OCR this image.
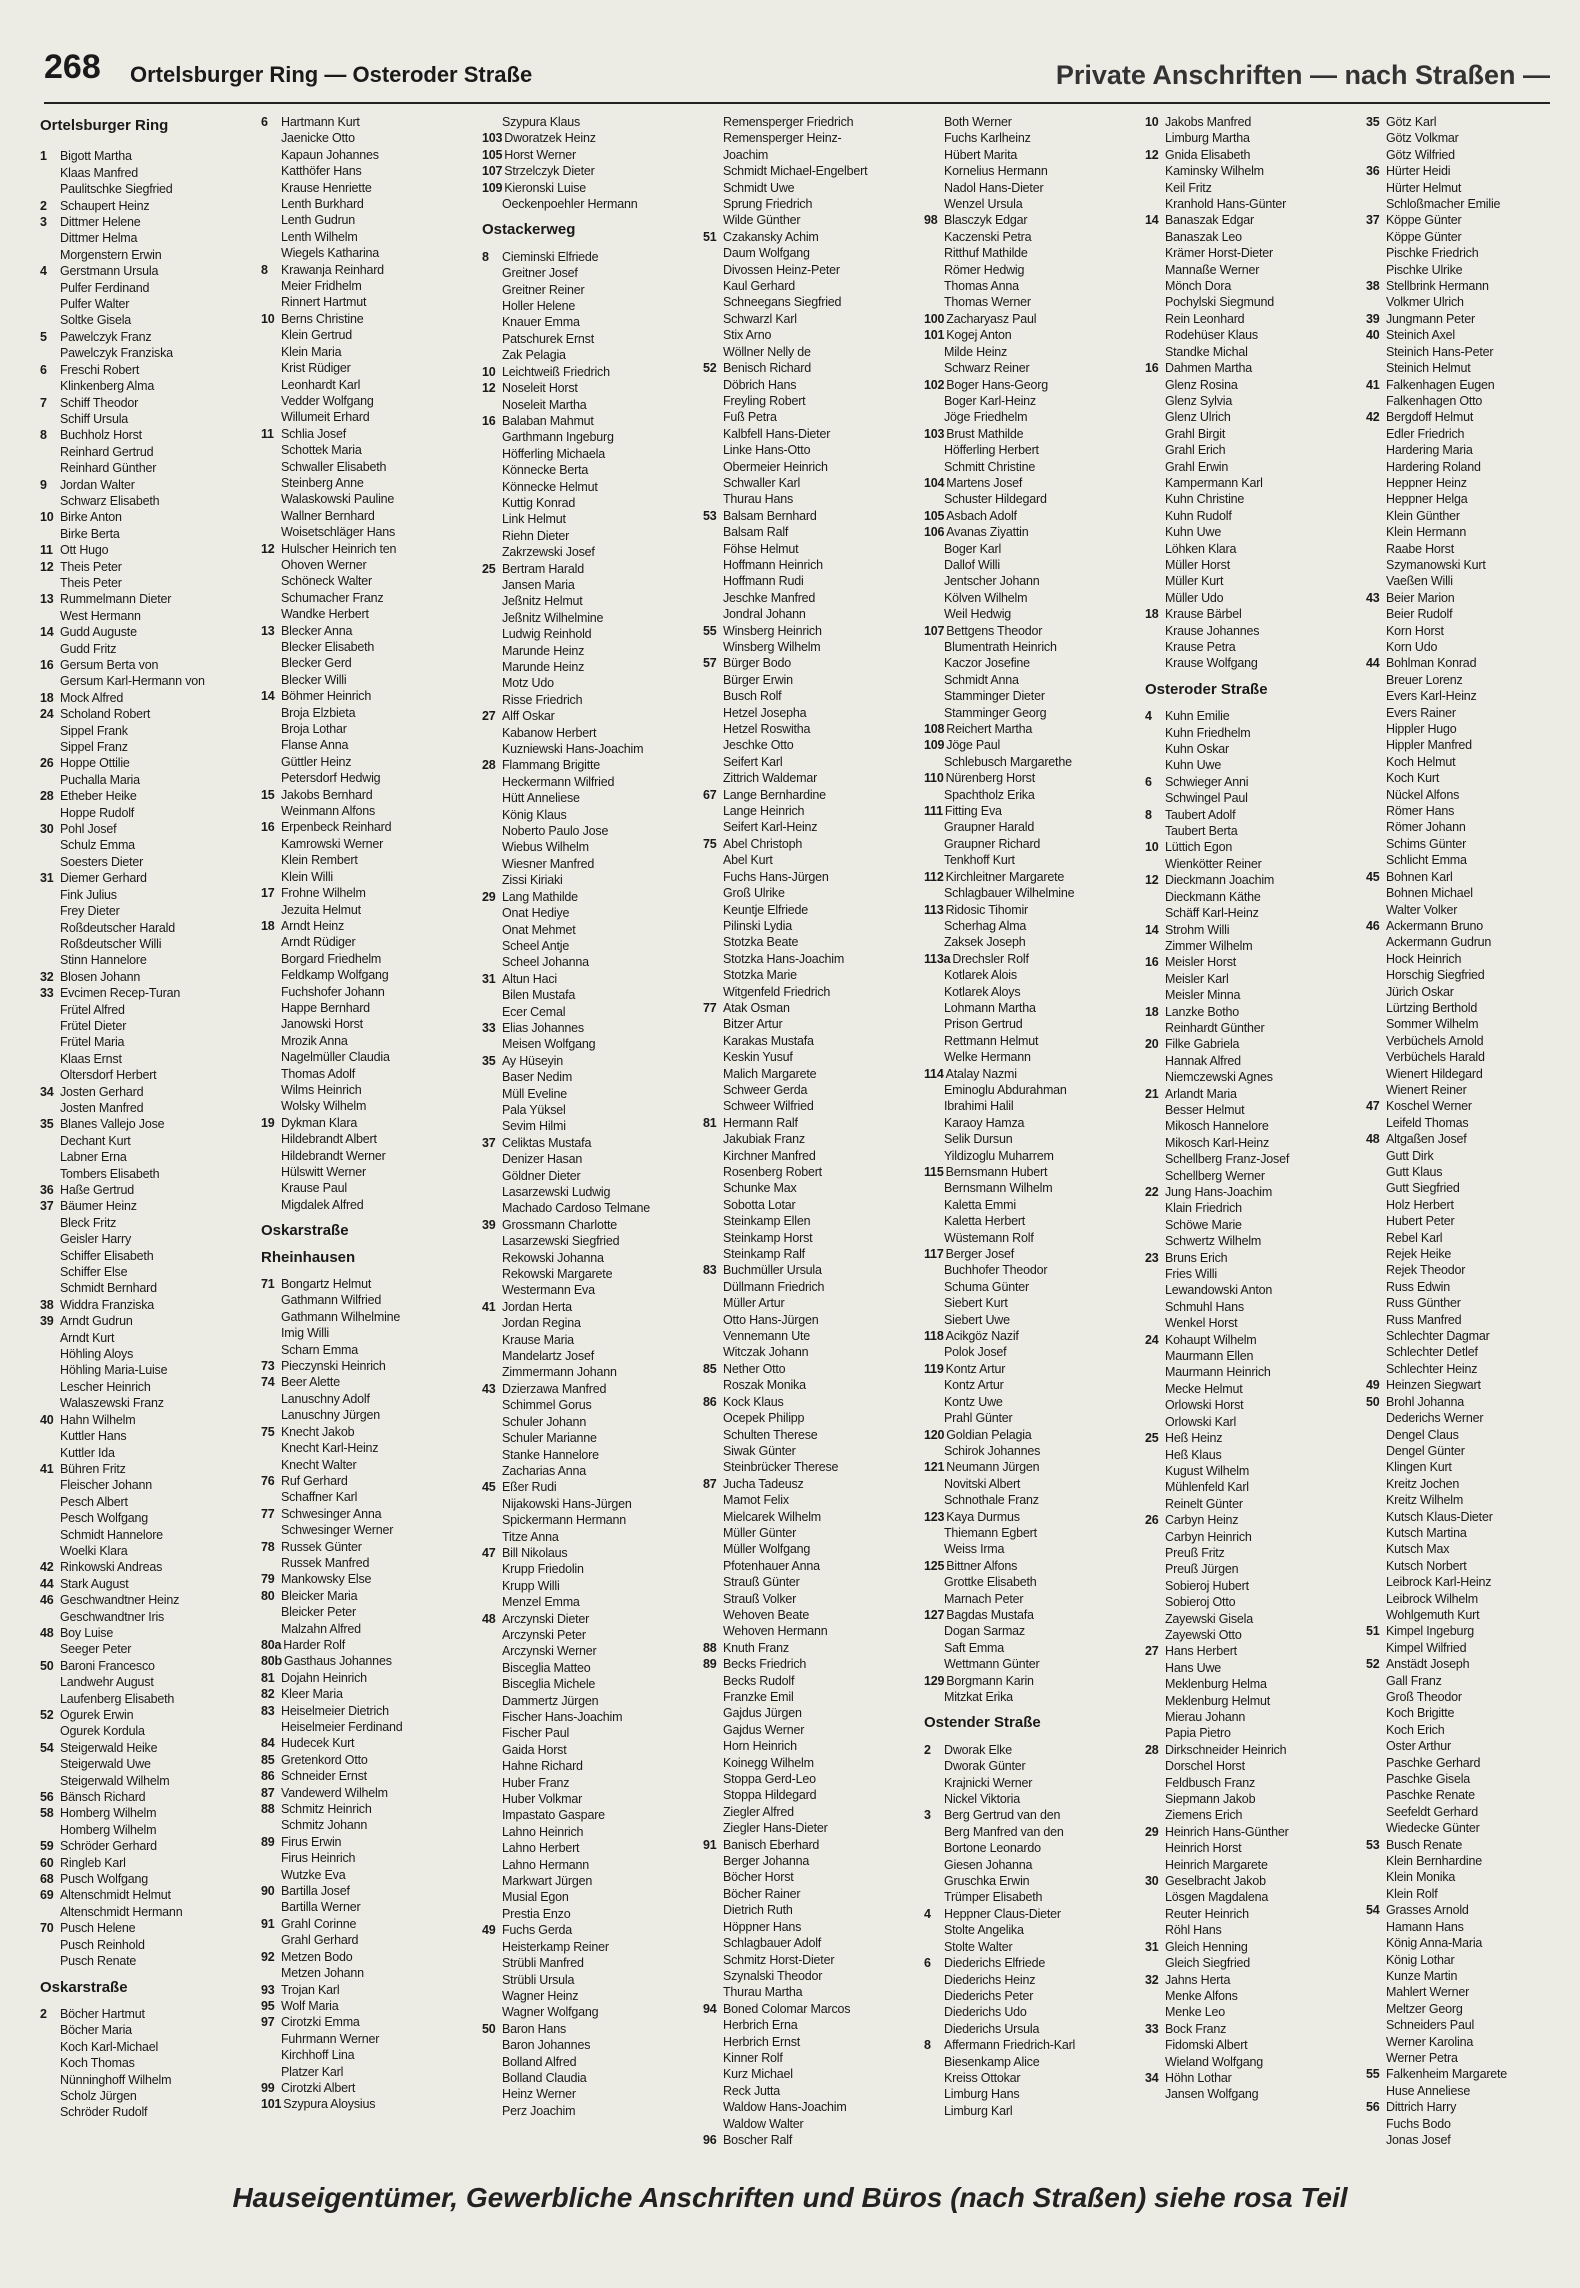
268 Ortelsburger Ring — Osteroder Straße	Private Anschriften — nach Straßen —
Ortelsburger Ring
1 Bigott Martha
Klaas Manfred
Paulitschke Siegfried
2 Schaupert Heinz
3 Dittmer Helene
Dittmer Helma
Morgenstern Erwin
4 Gerstmann Ursula
Pulfer Ferdinand
Pulfer Walter
Soltke Gisela
5 Pawelczyk Franz
Pawelczyk Franziska
6 Freschi Robert
Klinkenberg Alma
7 Schiff Theodor
Schiff Ursula
8 Buchholz Horst
Reinhard Gertrud
Reinhard Günther
9 Jordan Walter
Schwarz Elisabeth
10 Birke Anton
Birke Berta
11 Ott Hugo
12 Theis Peter
Theis Peter
13 Rummelmann Dieter
West Hermann
14 Gudd Auguste
Gudd Fritz
16 Gersum Berta von
Gersum Karl-Hermann von
18 Mock Alfred
24 Scholand Robert
Sippel Frank
Sippel Franz
26 Hoppe Ottilie
Puchalla Maria
28 Etheber Heike
Hoppe Rudolf
30 Pohl Josef
Schulz Emma
Soesters Dieter
31 Diemer Gerhard
Fink Julius
Frey Dieter
Roßdeutscher Harald
Roßdeutscher Willi
Stinn Hannelore
32 Blosen Johann
33 Evcimen Recep-Turan
Frütel Alfred
Frütel Dieter
Frütel Maria
Klaas Ernst
Oltersdorf Herbert
34 Josten Gerhard
Josten Manfred
35 Blanes Vallejo Jose
Dechant Kurt
Labner Erna
Tombers Elisabeth
36 Haße Gertrud
37 Bäumer Heinz
Bleck Fritz
Geisler Harry
Schiffer Elisabeth
Schiffer Else
Schmidt Bernhard
38 Widdra Franziska
39 Arndt Gudrun
Arndt Kurt
Höhling Aloys
Höhling Maria-Luise
Lescher Heinrich
Walaszewski Franz
40 Hahn Wilhelm
Kuttler Hans
Kuttler Ida
41 Bühren Fritz
Fleischer Johann
Pesch Albert
Pesch Wolfgang
Schmidt Hannelore
Woelki Klara
42 Rinkowski Andreas
44 Stark August
46 Geschwandtner Heinz
Geschwandtner Iris
48 Boy Luise
Seeger Peter
50 Baroni Francesco
Landwehr August
Laufenberg Elisabeth
52 Ogurek Erwin
Ogurek Kordula
54 Steigerwald Heike
Steigerwald Uwe
Steigerwald Wilhelm
56 Bänsch Richard
58 Homberg Wilhelm
Homberg Wilhelm
59 Schröder Gerhard
60 Ringleb Karl
68 Pusch Wolfgang
69 Altenschmidt Helmut
Altenschmidt Hermann
70 Pusch Helene
Pusch Reinhold
Pusch Renate
Oskarstraße
2 Böcher Hartmut
Böcher Maria
Koch Karl-Michael
Koch Thomas
Nünninghoff Wilhelm
Scholz Jürgen
Schröder Rudolf
6 Hartmann Kurt
Jaenicke Otto
Kapaun Johannes
Katthöfer Hans
Krause Henriette
Lenth Burkhard
Lenth Gudrun
Lenth Wilhelm
Wiegels Katharina
8 Krawanja Reinhard
Meier Fridhelm
Rinnert Hartmut
10 Berns Christine
Klein Gertrud
Klein Maria
Krist Rüdiger
Leonhardt Karl
Vedder Wolfgang
Willumeit Erhard
11 Schlia Josef
Schottek Maria
Schwaller Elisabeth
Steinberg Anne
Walaskowski Pauline
Wallner Bernhard
Woisetschläger Hans
12 Hulscher Heinrich ten
Ohoven Werner
Schöneck Walter
Schumacher Franz
Wandke Herbert
13 Blecker Anna
Blecker Elisabeth
Blecker Gerd
Blecker Willi
14 Böhmer Heinrich
Broja Elzbieta
Broja Lothar
Flanse Anna
Güttler Heinz
Petersdorf Hedwig
15 Jakobs Bernhard
Weinmann Alfons
16 Erpenbeck Reinhard
Kamrowski Werner
Klein Rembert
Klein Willi
17 Frohne Wilhelm
Jezuita Helmut
18 Arndt Heinz
Arndt Rüdiger
Borgard Friedhelm
Feldkamp Wolfgang
Fuchshofer Johann
Happe Bernhard
Janowski Horst
Mrozik Anna
Nagelmüller Claudia
Thomas Adolf
Wilms Heinrich
Wolsky Wilhelm
19 Dykman Klara
Hildebrandt Albert
Hildebrandt Werner
Hülswitt Werner
Krause Paul
Migdalek Alfred
Oskarstraße
Rheinhausen
71 Bongartz Helmut
Gathmann Wilfried
Gathmann Wilhelmine
Imig Willi
Scharn Emma
73 Pieczynski Heinrich
74 Beer Alette
Lanuschny Adolf
Lanuschny Jürgen
75 Knecht Jakob
Knecht Karl-Heinz
Knecht Walter
76 Ruf Gerhard
Schaffner Karl
77 Schwesinger Anna
Schwesinger Werner
78 Russek Günter
Russek Manfred
79 Mankowsky Else
80 Bleicker Maria
Bleicker Peter
Malzahn Alfred
80a Harder Rolf
80b Gasthaus Johannes
81 Dojahn Heinrich
82 Kleer Maria
83 Heiselmeier Dietrich
Heiselmeier Ferdinand
84 Hudecek Kurt
85 Gretenkord Otto
86 Schneider Ernst
87 Vandewerd Wilhelm
88 Schmitz Heinrich
Schmitz Johann
89 Firus Erwin
Firus Heinrich
Wutzke Eva
90 Bartilla Josef
Bartilla Werner
91 Grahl Corinne
Grahl Gerhard
92 Metzen Bodo
Metzen Johann
93 Trojan Karl
95 Wolf Maria
97 Cirotzki Emma
Fuhrmann Werner
Kirchhoff Lina
Platzer Karl
99 Cirotzki Albert
101 Szypura Aloysius
Szypura Klaus
103 Dworatzek Heinz
105 Horst Werner
107 Strzelczyk Dieter
109 Kieronski Luise
Oeckenpoehler Hermann
Ostackerweg
8 Cieminski Elfriede
Greitner Josef
Greitner Reiner
Holler Helene
Knauer Emma
Patschurek Ernst
Zak Pelagia
10 Leichtweiß Friedrich
12 Noseleit Horst
Noseleit Martha
16 Balaban Mahmut
Garthmann Ingeburg
Höfferling Michaela
Könnecke Berta
Könnecke Helmut
Kuttig Konrad
Link Helmut
Riehn Dieter
Zakrzewski Josef
25 Bertram Harald
Jansen Maria
Jeßnitz Helmut
Jeßnitz Wilhelmine
Ludwig Reinhold
Marunde Heinz
Marunde Heinz
Motz Udo
Risse Friedrich
27 Alff Oskar
Kabanow Herbert
Kuzniewski Hans-Joachim
28 Flammang Brigitte
Heckermann Wilfried
Hütt Anneliese
König Klaus
Noberto Paulo Jose
Wiebus Wilhelm
Wiesner Manfred
Zissi Kiriaki
29 Lang Mathilde
Onat Hediye
Onat Mehmet
Scheel Antje
Scheel Johanna
31 Altun Haci
Bilen Mustafa
Ecer Cemal
33 Elias Johannes
Meisen Wolfgang
35 Ay Hüseyin
Baser Nedim
Müll Eveline
Pala Yüksel
Sevim Hilmi
37 Celiktas Mustafa
Denizer Hasan
Göldner Dieter
Lasarzewski Ludwig
Machado Cardoso Telmane
39 Grossmann Charlotte
Lasarzewski Siegfried
Rekowski Johanna
Rekowski Margarete
Westermann Eva
41 Jordan Herta
Jordan Regina
Krause Maria
Mandelartz Josef
Zimmermann Johann
43 Dzierzawa Manfred
Schimmel Gorus
Schuler Johann
Schuler Marianne
Stanke Hannelore
Zacharias Anna
45 Eßer Rudi
Nijakowski Hans-Jürgen
Spickermann Hermann
Titze Anna
47 Bill Nikolaus
Krupp Friedolin
Krupp Willi
Menzel Emma
48 Arczynski Dieter
Arczynski Peter
Arczynski Werner
Bisceglia Matteo
Bisceglia Michele
Dammertz Jürgen
Fischer Hans-Joachim
Fischer Paul
Gaida Horst
Hahne Richard
Huber Franz
Huber Volkmar
Impastato Gaspare
Lahno Heinrich
Lahno Herbert
Lahno Hermann
Markwart Jürgen
Musial Egon
Prestia Enzo
49 Fuchs Gerda
Heisterkamp Reiner
Strübli Manfred
Strübli Ursula
Wagner Heinz
Wagner Wolfgang
50 Baron Hans
Baron Johannes
Bolland Alfred
Bolland Claudia
Heinz Werner
Perz Joachim
Remensperger Friedrich
Remensperger Heinz-
Joachim
Schmidt Michael-Engelbert
Schmidt Uwe
Sprung Friedrich
Wilde Günther
51 Czakansky Achim
Daum Wolfgang
Divossen Heinz-Peter
Kaul Gerhard
Schneegans Siegfried
Schwarzl Karl
Stix Arno
Wöllner Nelly de
52 Benisch Richard
Döbrich Hans
Freyling Robert
Fuß Petra
Kalbfell Hans-Dieter
Linke Hans-Otto
Obermeier Heinrich
Schwaller Karl
Thurau Hans
53 Balsam Bernhard
Balsam Ralf
Föhse Helmut
Hoffmann Heinrich
Hoffmann Rudi
Jeschke Manfred
Jondral Johann
55 Winsberg Heinrich
Winsberg Wilhelm
57 Bürger Bodo
Bürger Erwin
Busch Rolf
Hetzel Josepha
Hetzel Roswitha
Jeschke Otto
Seifert Karl
Zittrich Waldemar
67 Lange Bernhardine
Lange Heinrich
Seifert Karl-Heinz
75 Abel Christoph
Abel Kurt
Fuchs Hans-Jürgen
Groß Ulrike
Keuntje Elfriede
Pilinski Lydia
Stotzka Beate
Stotzka Hans-Joachim
Stotzka Marie
Witgenfeld Friedrich
77 Atak Osman
Bitzer Artur
Karakas Mustafa
Keskin Yusuf
Malich Margarete
Schweer Gerda
Schweer Wilfried
81 Hermann Ralf
Jakubiak Franz
Kirchner Manfred
Rosenberg Robert
Schunke Max
Sobotta Lotar
Steinkamp Ellen
Steinkamp Horst
Steinkamp Ralf
83 Buchmüller Ursula
Düllmann Friedrich
Müller Artur
Otto Hans-Jürgen
Vennemann Ute
Witczak Johann
85 Nether Otto
Roszak Monika
86 Kock Klaus
Ocepek Philipp
Schulten Therese
Siwak Günter
Steinbrücker Therese
87 Jucha Tadeusz
Mamot Felix
Mielcarek Wilhelm
Müller Günter
Müller Wolfgang
Pfotenhauer Anna
Strauß Günter
Strauß Volker
Wehoven Beate
Wehoven Hermann
88 Knuth Franz
89 Becks Friedrich
Becks Rudolf
Franzke Emil
Gajdus Jürgen
Gajdus Werner
Horn Heinrich
Koinegg Wilhelm
Stoppa Gerd-Leo
Stoppa Hildegard
Ziegler Alfred
Ziegler Hans-Dieter
91 Banisch Eberhard
Berger Johanna
Böcher Horst
Böcher Rainer
Dietrich Ruth
Höppner Hans
Schlagbauer Adolf
Schmitz Horst-Dieter
Szynalski Theodor
Thurau Martha
94 Boned Colomar Marcos
Herbrich Erna
Herbrich Ernst
Kinner Rolf
Kurz Michael
Reck Jutta
Waldow Hans-Joachim
Waldow Walter
96 Boscher Ralf
Both Werner
Fuchs Karlheinz
Hübert Marita
Kornelius Hermann
Nadol Hans-Dieter
Wenzel Ursula
98 Blasczyk Edgar
Kaczenski Petra
Ritthuf Mathilde
Römer Hedwig
Thomas Anna
Thomas Werner
100 Zacharyasz Paul
101 Kogej Anton
Milde Heinz
Schwarz Reiner
102 Boger Hans-Georg
Boger Karl-Heinz
Jöge Friedhelm
103 Brust Mathilde
Höfferling Herbert
Schmitt Christine
104 Martens Josef
Schuster Hildegard
105 Asbach Adolf
106 Avanas Ziyattin
Boger Karl
Dallof Willi
Jentscher Johann
Kölven Wilhelm
Weil Hedwig
107 Bettgens Theodor
Blumentrath Heinrich
Kaczor Josefine
Schmidt Anna
Stamminger Dieter
Stamminger Georg
108 Reichert Martha
109 Jöge Paul
Schlebusch Margarethe
110 Nürenberg Horst
Spachtholz Erika
111 Fitting Eva
Graupner Harald
Graupner Richard
Tenkhoff Kurt
112 Kirchleitner Margarete
Schlagbauer Wilhelmine
113 Ridosic Tihomir
Scherhag Alma
Zaksek Joseph
113a Drechsler Rolf
Kotlarek Alois
Kotlarek Aloys
Lohmann Martha
Prison Gertrud
Rettmann Helmut
Welke Hermann
114 Atalay Nazmi
Eminoglu Abdurahman
Ibrahimi Halil
Karaoy Hamza
Selik Dursun
Yildizoglu Muharrem
115 Bernsmann Hubert
Bernsmann Wilhelm
Kaletta Emmi
Kaletta Herbert
Wüstemann Rolf
117 Berger Josef
Buchhofer Theodor
Schuma Günter
Siebert Kurt
Siebert Uwe
118 Acikgöz Nazif
Polok Josef
119 Kontz Artur
Kontz Artur
Kontz Uwe
Prahl Günter
120 Goldian Pelagia
Schirok Johannes
121 Neumann Jürgen
Novitski Albert
Schnothale Franz
123 Kaya Durmus
Thiemann Egbert
Weiss Irma
125 Bittner Alfons
Grottke Elisabeth
Marnach Peter
127 Bagdas Mustafa
Dogan Sarmaz
Saft Emma
Wettmann Günter
129 Borgmann Karin
Mitzkat Erika
Ostender Straße
2 Dworak Elke
Dworak Günter
Krajnicki Werner
Nickel Viktoria
3 Berg Gertrud van den
Berg Manfred van den
Bortone Leonardo
Giesen Johanna
Gruschka Erwin
Trümper Elisabeth
4 Heppner Claus-Dieter
Stolte Angelika
Stolte Walter
6 Diederichs Elfriede
Diederichs Heinz
Diederichs Peter
Diederichs Udo
Diederichs Ursula
8 Affermann Friedrich-Karl
Biesenkamp Alice
Kreiss Ottokar
Limburg Hans
Limburg Karl
10 Jakobs Manfred
Limburg Martha
12 Gnida Elisabeth
Kaminsky Wilhelm
Keil Fritz
Kranhold Hans-Günter
14 Banaszak Edgar
Banaszak Leo
Krämer Horst-Dieter
Mannaße Werner
Mönch Dora
Pochylski Siegmund
Rein Leonhard
Rodehüser Klaus
Standke Michal
16 Dahmen Martha
Glenz Rosina
Glenz Sylvia
Glenz Ulrich
Grahl Birgit
Grahl Erich
Grahl Erwin
Kampermann Karl
Kuhn Christine
Kuhn Rudolf
Kuhn Uwe
Löhken Klara
Müller Horst
Müller Kurt
Müller Udo
18 Krause Bärbel
Krause Johannes
Krause Petra
Krause Wolfgang
Osteroder Straße
4 Kuhn Emilie
Kuhn Friedhelm
Kuhn Oskar
Kuhn Uwe
6 Schwieger Anni
Schwingel Paul
8 Taubert Adolf
Taubert Berta
10 Lüttich Egon
Wienkötter Reiner
12 Dieckmann Joachim
Dieckmann Käthe
Schäff Karl-Heinz
14 Strohm Willi
Zimmer Wilhelm
16 Meisler Horst
Meisler Karl
Meisler Minna
18 Lanzke Botho
Reinhardt Günther
20 Filke Gabriela
Hannak Alfred
Niemczewski Agnes
21 Arlandt Maria
Besser Helmut
Mikosch Hannelore
Mikosch Karl-Heinz
Schellberg Franz-Josef
Schellberg Werner
22 Jung Hans-Joachim
Klain Friedrich
Schöwe Marie
Schwertz Wilhelm
23 Bruns Erich
Fries Willi
Lewandowski Anton
Schmuhl Hans
Wenkel Horst
24 Kohaupt Wilhelm
Maurmann Ellen
Maurmann Heinrich
Mecke Helmut
Orlowski Horst
Orlowski Karl
25 Heß Heinz
Heß Klaus
Kugust Wilhelm
Mühlenfeld Karl
Reinelt Günter
26 Carbyn Heinz
Carbyn Heinrich
Preuß Fritz
Preuß Jürgen
Sobieroj Hubert
Sobieroj Otto
Zayewski Gisela
Zayewski Otto
27 Hans Herbert
Hans Uwe
Meklenburg Helma
Meklenburg Helmut
Mierau Johann
Papia Pietro
28 Dirkschneider Heinrich
Dorschel Horst
Feldbusch Franz
Siepmann Jakob
Ziemens Erich
29 Heinrich Hans-Günther
Heinrich Horst
Heinrich Margarete
30 Geselbracht Jakob
Lösgen Magdalena
Reuter Heinrich
Röhl Hans
31 Gleich Henning
Gleich Siegfried
32 Jahns Herta
Menke Alfons
Menke Leo
33 Bock Franz
Fidomski Albert
Wieland Wolfgang
34 Höhn Lothar
Jansen Wolfgang
35 Götz Karl
Götz Volkmar
Götz Wilfried
36 Hürter Heidi
Hürter Helmut
Schloßmacher Emilie
37 Köppe Günter
Köppe Günter
Pischke Friedrich
Pischke Ulrike
38 Stellbrink Hermann
Volkmer Ulrich
39 Jungmann Peter
40 Steinich Axel
Steinich Hans-Peter
Steinich Helmut
41 Falkenhagen Eugen
Falkenhagen Otto
42 Bergdoff Helmut
Edler Friedrich
Hardering Maria
Hardering Roland
Heppner Heinz
Heppner Helga
Klein Günther
Klein Hermann
Raabe Horst
Szymanowski Kurt
Vaeßen Willi
43 Beier Marion
Beier Rudolf
Korn Horst
Korn Udo
44 Bohlman Konrad
Breuer Lorenz
Evers Karl-Heinz
Evers Rainer
Hippler Hugo
Hippler Manfred
Koch Helmut
Koch Kurt
Nückel Alfons
Römer Hans
Römer Johann
Schims Günter
Schlicht Emma
45 Bohnen Karl
Bohnen Michael
Walter Volker
46 Ackermann Bruno
Ackermann Gudrun
Hock Heinrich
Horschig Siegfried
Jürich Oskar
Lürtzing Berthold
Sommer Wilhelm
Verbüchels Arnold
Verbüchels Harald
Wienert Hildegard
Wienert Reiner
47 Koschel Werner
Leifeld Thomas
48 Altgaßen Josef
Gutt Dirk
Gutt Klaus
Gutt Siegfried
Holz Herbert
Hubert Peter
Rebel Karl
Rejek Heike
Rejek Theodor
Russ Edwin
Russ Günther
Russ Manfred
Schlechter Dagmar
Schlechter Detlef
Schlechter Heinz
49 Heinzen Siegwart
50 Brohl Johanna
Dederichs Werner
Dengel Claus
Dengel Günter
Klingen Kurt
Kreitz Jochen
Kreitz Wilhelm
Kutsch Klaus-Dieter
Kutsch Martina
Kutsch Max
Kutsch Norbert
Leibrock Karl-Heinz
Leibrock Wilhelm
Wohlgemuth Kurt
51 Kimpel Ingeburg
Kimpel Wilfried
52 Anstädt Joseph
Gall Franz
Groß Theodor
Koch Brigitte
Koch Erich
Oster Arthur
Paschke Gerhard
Paschke Gisela
Paschke Renate
Seefeldt Gerhard
Wiedecke Günter
53 Busch Renate
Klein Bernhardine
Klein Monika
Klein Rolf
54 Grasses Arnold
Hamann Hans
König Anna-Maria
König Lothar
Kunze Martin
Mahlert Werner
Meltzer Georg
Schneiders Paul
Werner Karolina
Werner Petra
55 Falkenheim Margarete
Huse Anneliese
56 Dittrich Harry
Fuchs Bodo
Jonas Josef
Hauseigentümer, Gewerbliche Anschriften und Büros (nach Straßen) siehe rosa Teil
